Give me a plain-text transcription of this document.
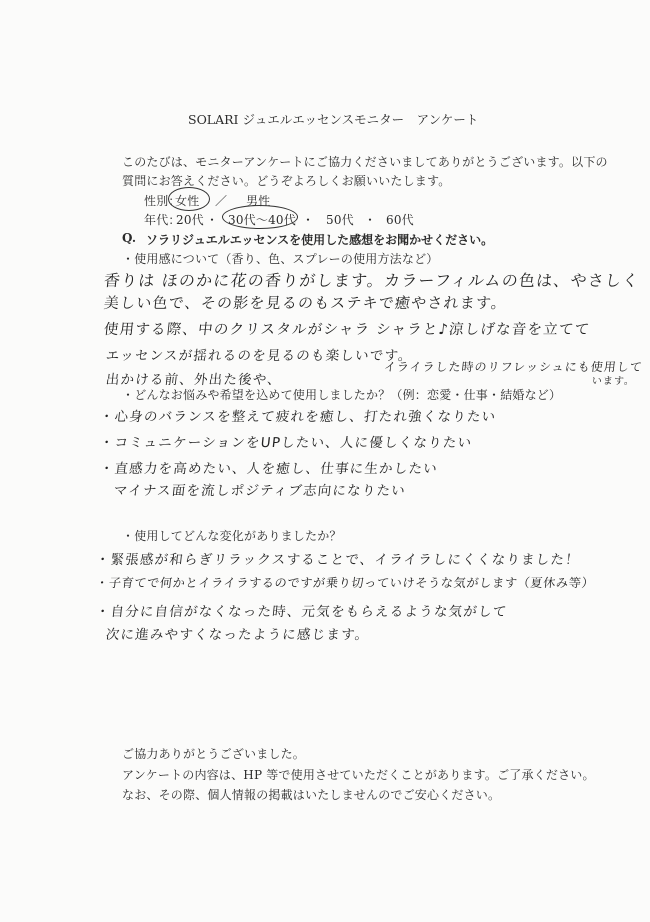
SOLARI ジュエルエッセンスモニター　アンケート
このたびは、モニターアンケートにご協力くださいましてありがとうございます。以下の
質問にお答えください。どうぞよろしくお願いいたします。
性別：
女性 ／ 男性
年代：
20代 ・ 30代〜40代 ・ 50代 ・ 60代
Q. ソラリジュエルエッセンスを使用した感想をお聞かせください。
・使用感について（香り、色、スプレーの使用方法など）
香りは ほのかに花の香りがします。カラーフィルムの色は、やさしく
美しい色で、その影を見るのもステキで癒やされます。
使用する際、中のクリスタルがシャラ シャラと♪涼しげな音を立てて
エッセンスが揺れるのを見るのも楽しいです。
出かける前、外出た後や、
イライラした時のリフレッシュにも使用して
います。
・どんなお悩みや希望を込めて使用しましたか？（例：恋愛・仕事・結婚など）
・心身のバランスを整えて疲れを癒し、打たれ強くなりたい
・コミュニケーションをUPしたい、人に優しくなりたい
・直感力を高めたい、人を癒し、仕事に生かしたい
マイナス面を流しポジティブ志向になりたい
・使用してどんな変化がありましたか？
・緊張感が和らぎリラックスすることで、イライラしにくくなりました！
・子育てで何かとイライラするのですが乗り切っていけそうな気がします（夏休み等）
・自分に自信がなくなった時、元気をもらえるような気がして
次に進みやすくなったように感じます。
ご協力ありがとうございました。
アンケートの内容は、HP 等で使用させていただくことがあります。ご了承ください。
なお、その際、個人情報の掲載はいたしませんのでご安心ください。
